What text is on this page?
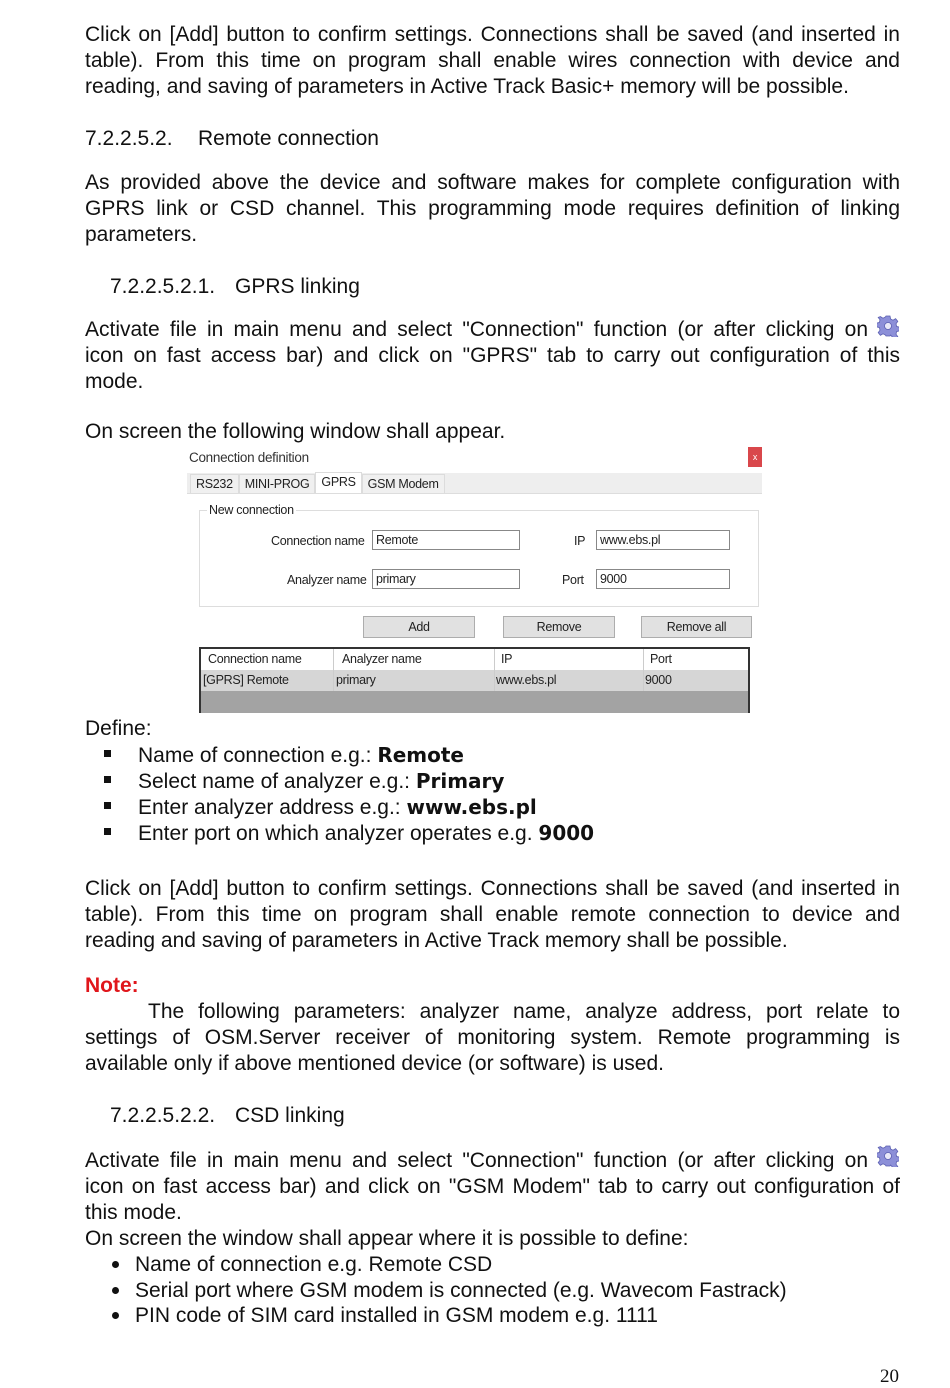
Click on [Add] button to confirm settings. Connections shall be saved (and inserted in
table). From this time on program shall enable wires connection with device and
reading, and saving of parameters in Active Track Basic+ memory will be possible.
7.2.2.5.2. Remote connection
As provided above the device and software makes for complete configuration with
GPRS link or CSD channel. This programming mode requires definition of linking
parameters.
7.2.2.5.2.1. GPRS linking
Activate file in main menu and select "Connection" function (or after clicking on
icon on fast access bar) and click on "GPRS" tab to carry out configuration of this
mode.
On screen the following window shall appear.
Connection definition	x
RS232 MINI-PROG GPRS GSM Modem
New connection
Connection name Remote	IP	www.ebs.pl
Analyzer name primary	Port	9000
Add	Remove	Remove all
Connection name	Analyzer name	IP	Port
[GPRS] Remote	primary	www.ebs.pl	9000
Define:
Name of connection e.g.: Remote
Select name of analyzer e.g.: Primary
Enter analyzer address e.g.: www.ebs.pl
Enter port on which analyzer operates e.g. 9000
Click on [Add] button to confirm settings. Connections shall be saved (and inserted in
table). From this time on program shall enable remote connection to device and
reading and saving of parameters in Active Track memory shall be possible.
Note:
The following parameters: analyzer name, analyze address, port relate to
settings of OSM.Server receiver of monitoring system. Remote programming is
available only if above mentioned device (or software) is used.
7.2.2.5.2.2. CSD linking
Activate file in main menu and select "Connection" function (or after clicking on
icon on fast access bar) and click on "GSM Modem" tab to carry out configuration of
this mode.
On screen the window shall appear where it is possible to define:
Name of connection e.g. Remote CSD
Serial port where GSM modem is connected (e.g. Wavecom Fastrack)
PIN code of SIM card installed in GSM modem e.g. 1111
20
